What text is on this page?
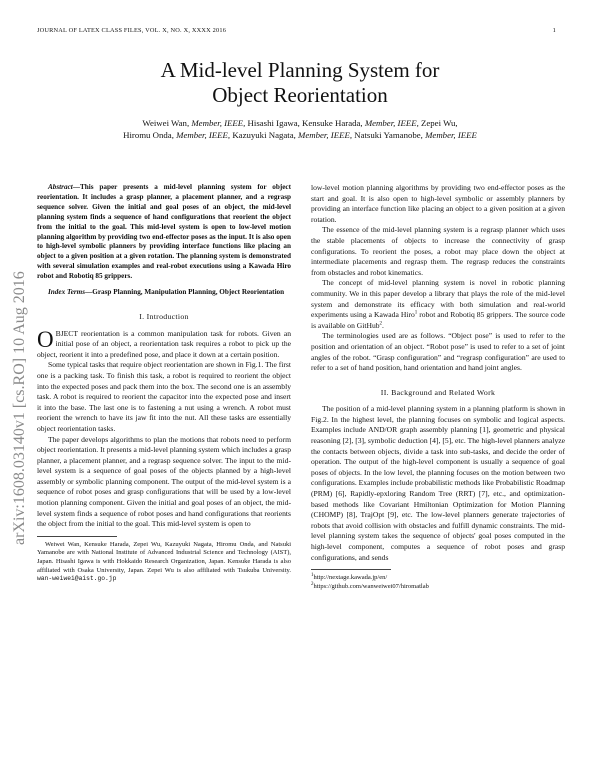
JOURNAL OF LATEX CLASS FILES, VOL. X, NO. X, XXXX 2016	1
arXiv:1608.03140v1 [cs.RO] 10 Aug 2016
A Mid-level Planning System for
Object Reorientation
Weiwei Wan, Member, IEEE, Hisashi Igawa, Kensuke Harada, Member, IEEE, Zepei Wu,
Hiromu Onda, Member, IEEE, Kazuyuki Nagata, Member, IEEE, Natsuki Yamanobe, Member, IEEE

Abstract—This paper presents a mid-level planning system for object reorientation. It includes a grasp planner, a placement planner, and a regrasp sequence solver. Given the initial and goal poses of an object, the mid-level planning system finds a sequence of hand configurations that reorient the object from the initial to the goal. This mid-level system is open to low-level motion planning algorithm by providing two end-effector poses as the input. It is also open to high-level symbolic planners by providing interface functions like placing an object to a given position at a given rotation. The planning system is demonstrated with several simulation examples and real-robot executions using a Kawada Hiro robot and Robotiq 85 grippers.

Index Terms—Grasp Planning, Manipulation Planning, Object Reorientation

I. Introduction

OBJECT reorientation is a common manipulation task for robots. Given an initial pose of an object, a reorientation task requires a robot to pick up the object, reorient it into a predefined pose, and place it down at a certain position.

Some typical tasks that require object reorientation are shown in Fig.1. The first one is a packing task. To finish this task, a robot is required to reorient the object into the expected poses and pack them into the box. The second one is an assembly task. A robot is required to reorient the capacitor into the expected pose and insert it into the base. The last one is to fastening a nut using a wrench. A robot must reorient the wrench to have its jaw fit into the nut. All these tasks are essentially object reorientation tasks.

The paper develops algorithms to plan the motions that robots need to perform object reorientation. It presents a mid-level planning system which includes a grasp planner, a placement planner, and a regrasp sequence solver. The input to the mid-level system is a sequence of goal poses of the objects planned by a high-level assembly or symbolic planning component. The output of the mid-level system is a sequence of robot poses and grasp configurations that will be used by a low-level motion planning component. Given the initial and goal poses of an object, the mid-level system finds a sequence of robot poses and hand configurations that reorients the object from the initial to the goal. This mid-level system is open to

Weiwei Wan, Kensuke Harada, Zepei Wu, Kazuyuki Nagata, Hiromu Onda, and Natsuki Yamanobe are with National Institute of Advanced Industrial Science and Technology (AIST), Japan. Hisashi Igawa is with Hokkaido Research Organization, Japan. Kensuke Harada is also affiliated with Osaka University, Japan. Zepei Wu is also affiliated with Tsukuba University. wan-weiwei@aist.go.jp

low-level motion planning algorithms by providing two end-effector poses as the start and goal. It is also open to high-level symbolic or assembly planners by providing an interface function like placing an object to a given position at a given rotation.

The essence of the mid-level planning system is a regrasp planner which uses the stable placements of objects to increase the connectivity of grasp configurations. To reorient the poses, a robot may place down the object at intermediate placements and regrasp them. The regrasp reduces the constraints from obstacles and robot kinematics.

The concept of mid-level planning system is novel in robotic planning community. We in this paper develop a library that plays the role of the mid-level system and demonstrate its efficacy with both simulation and real-world experiments using a Kawada Hiro$^1$ robot and Robotiq 85 grippers. The source code is available on GitHub$^2$.

The terminologies used are as follows. “Object pose” is used to refer to the position and orientation of an object. “Robot pose” is used to refer to a set of joint angles of the robot. “Grasp configuration” and “regrasp configuration” are used to refer to a set of hand position, hand orientation and hand joint angles.

II. Background and Related Work

The position of a mid-level planning system in a planning platform is shown in Fig.2. In the highest level, the planning focuses on symbolic and logical aspects. Examples include AND/OR graph assembly planning [1], geometric and physical reasoning [2], [3], symbolic deduction [4], [5], etc. The high-level planners analyze the contacts between objects, divide a task into sub-tasks, and decide the order of operation. The output of the high-level component is usually a sequence of goal poses of objects. In the low level, the planning focuses on the motion between two configurations. Examples include probabilistic methods like Probabilistic Roadmap (PRM) [6], Rapidly-epxloring Random Tree (RRT) [7], etc., and optimization-based methods like Covariant Hmiltonian Optimization for Motion Planning (CHOMP) [8], TrajOpt [9], etc. The low-level planners generate trajectories of robots that avoid collision with obstacles and fulfill dynamic constraints. The mid-level planning system takes the sequence of objects' goal poses computed in the high-level component, computes a sequence of robot poses and grasp configurations, and sends

$^1$http://nextage.kawada.jp/en/
$^2$https://github.com/wanweiwei07/hiromatlab
